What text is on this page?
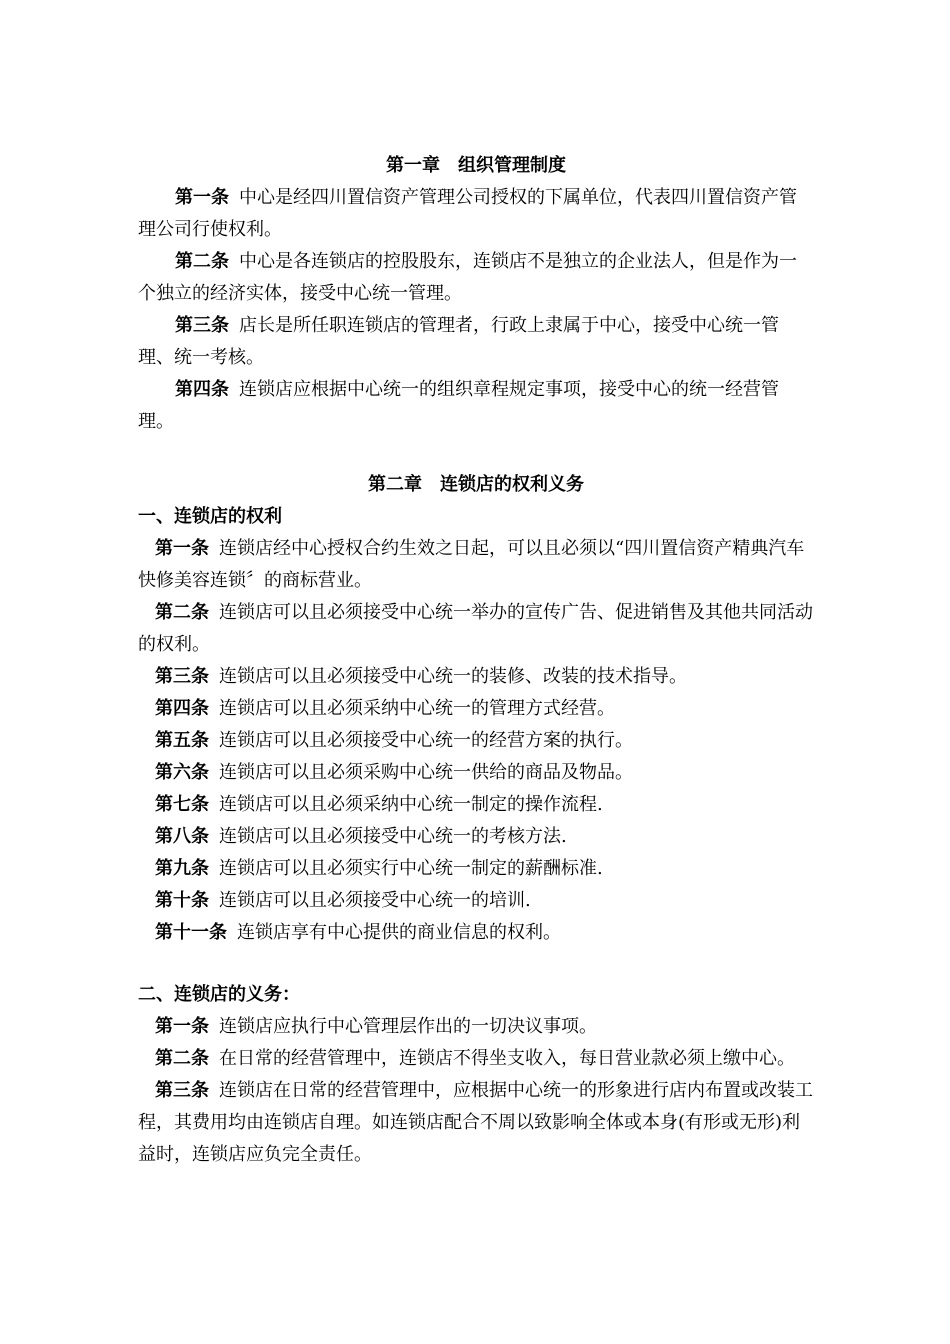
第一章　组织管理制度

第一条 中心是经四川置信资产管理公司授权的下属单位，代表四川置信资产管理公司行使权利。

第二条 中心是各连锁店的控股股东，连锁店不是独立的企业法人，但是作为一个独立的经济实体，接受中心统一管理。

第三条 店长是所任职连锁店的管理者，行政上隶属于中心，接受中心统一管理、统一考核。

第四条 连锁店应根据中心统一的组织章程规定事项，接受中心的统一经营管理。

第二章　连锁店的权利义务

一、连锁店的权利

第一条 连锁店经中心授权合约生效之日起，可以且必须以“四川置信资产精典汽车快修美容连锁〞的商标营业。

第二条 连锁店可以且必须接受中心统一举办的宣传广告、促进销售及其他共同活动的权利。

第三条 连锁店可以且必须接受中心统一的装修、改装的技术指导。

第四条 连锁店可以且必须采纳中心统一的管理方式经营。

第五条 连锁店可以且必须接受中心统一的经营方案的执行。

第六条 连锁店可以且必须采购中心统一供给的商品及物品。

第七条 连锁店可以且必须采纳中心统一制定的操作流程.

第八条 连锁店可以且必须接受中心统一的考核方法.

第九条 连锁店可以且必须实行中心统一制定的薪酬标准.

第十条 连锁店可以且必须接受中心统一的培训.

第十一条 连锁店享有中心提供的商业信息的权利。

二、连锁店的义务：

第一条 连锁店应执行中心管理层作出的一切决议事项。

第二条 在日常的经营管理中，连锁店不得坐支收入，每日营业款必须上缴中心。

第三条 连锁店在日常的经营管理中，应根据中心统一的形象进行店内布置或改装工程，其费用均由连锁店自理。如连锁店配合不周以致影响全体或本身(有形或无形)利益时，连锁店应负完全责任。
